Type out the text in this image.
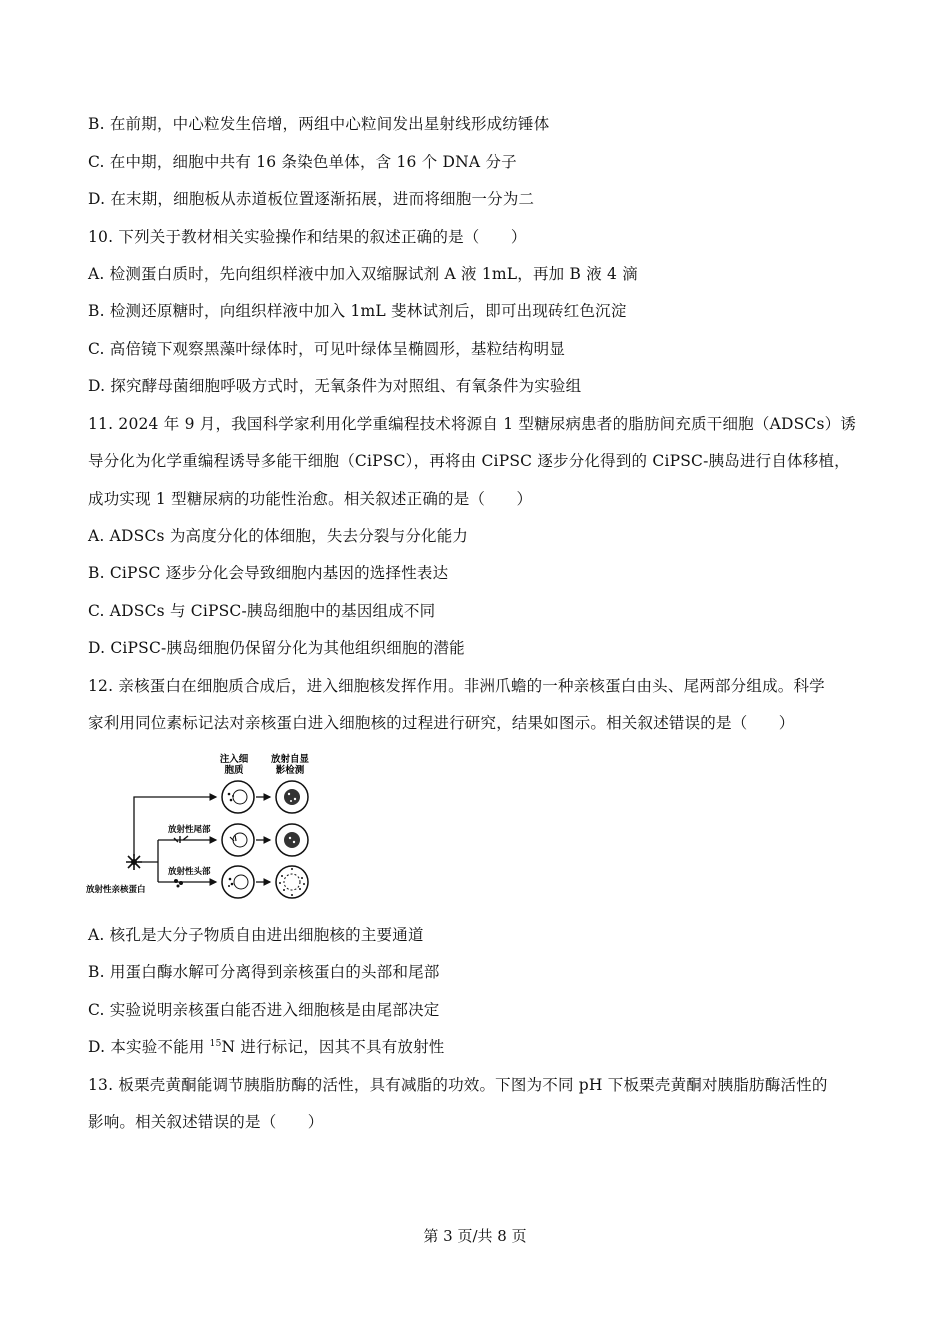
B. 在前期，中心粒发生倍增，两组中心粒间发出星射线形成纺锤体
C. 在中期，细胞中共有 16 条染色单体，含 16 个 DNA 分子
D. 在末期，细胞板从赤道板位置逐渐拓展，进而将细胞一分为二
10. 下列关于教材相关实验操作和结果的叙述正确的是（　　）
A. 检测蛋白质时，先向组织样液中加入双缩脲试剂 A 液 1mL，再加 B 液 4 滴
B. 检测还原糖时，向组织样液中加入 1mL 斐林试剂后，即可出现砖红色沉淀
C. 高倍镜下观察黑藻叶绿体时，可见叶绿体呈椭圆形，基粒结构明显
D. 探究酵母菌细胞呼吸方式时，无氧条件为对照组、有氧条件为实验组
11. 2024 年 9 月，我国科学家利用化学重编程技术将源自 1 型糖尿病患者的脂肪间充质干细胞（ADSCs）诱
导分化为化学重编程诱导多能干细胞（CiPSC），再将由 CiPSC 逐步分化得到的 CiPSC-胰岛进行自体移植，
成功实现 1 型糖尿病的功能性治愈。相关叙述正确的是（　　）
A. ADSCs 为高度分化的体细胞，失去分裂与分化能力
B. CiPSC 逐步分化会导致细胞内基因的选择性表达
C. ADSCs 与 CiPSC-胰岛细胞中的基因组成不同
D. CiPSC-胰岛细胞仍保留分化为其他组织细胞的潜能
12. 亲核蛋白在细胞质合成后，进入细胞核发挥作用。非洲爪蟾的一种亲核蛋白由头、尾两部分组成。科学
家利用同位素标记法对亲核蛋白进入细胞核的过程进行研究，结果如图示。相关叙述错误的是（　　）
注入细
胞质
放射自显
影检测
放射性尾部
放射性头部
放射性亲核蛋白
A. 核孔是大分子物质自由进出细胞核的主要通道
B. 用蛋白酶水解可分离得到亲核蛋白的头部和尾部
C. 实验说明亲核蛋白能否进入细胞核是由尾部决定
D. 本实验不能用 $^{15}$N 进行标记，因其不具有放射性
13. 板栗壳黄酮能调节胰脂肪酶的活性，具有减脂的功效。下图为不同 pH 下板栗壳黄酮对胰脂肪酶活性的
影响。相关叙述错误的是（　　）
第 3 页/共 8 页
